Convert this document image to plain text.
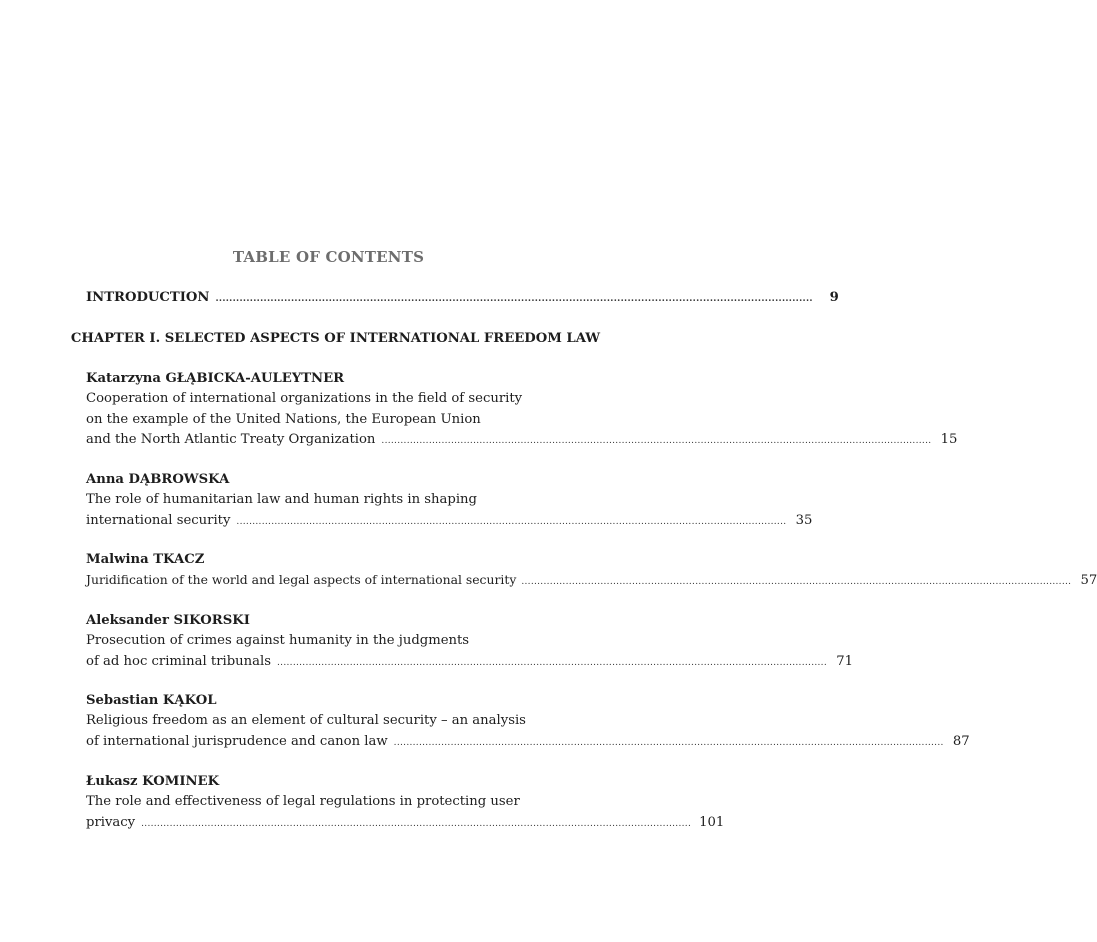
TABLE OF CONTENTS
INTRODUCTION ..............................................................................................................................................................................	9
CHAPTER I. SELECTED ASPECTS OF INTERNATIONAL FREEDOM LAW
Katarzyna GŁĄBICKA-AULEYTNER
Cooperation of international organizations in the field of security
on the example of the United Nations, the European Union
and the North Atlantic Treaty Organization .............................................................................................................................................................................. 15
Anna DĄBROWSKA
The role of humanitarian law and human rights in shaping
international security .............................................................................................................................................................................. 35
Malwina TKACZ
Juridification of the world and legal aspects of international security .............................................................................................................................................................................. 57
Aleksander SIKORSKI
Prosecution of crimes against humanity in the judgments
of ad hoc criminal tribunals .............................................................................................................................................................................. 71
Sebastian KĄKOL
Religious freedom as an element of cultural security – an analysis
of international jurisprudence and canon law .............................................................................................................................................................................. 87
Łukasz KOMINEK
The role and effectiveness of legal regulations in protecting user
privacy .............................................................................................................................................................................. 101
